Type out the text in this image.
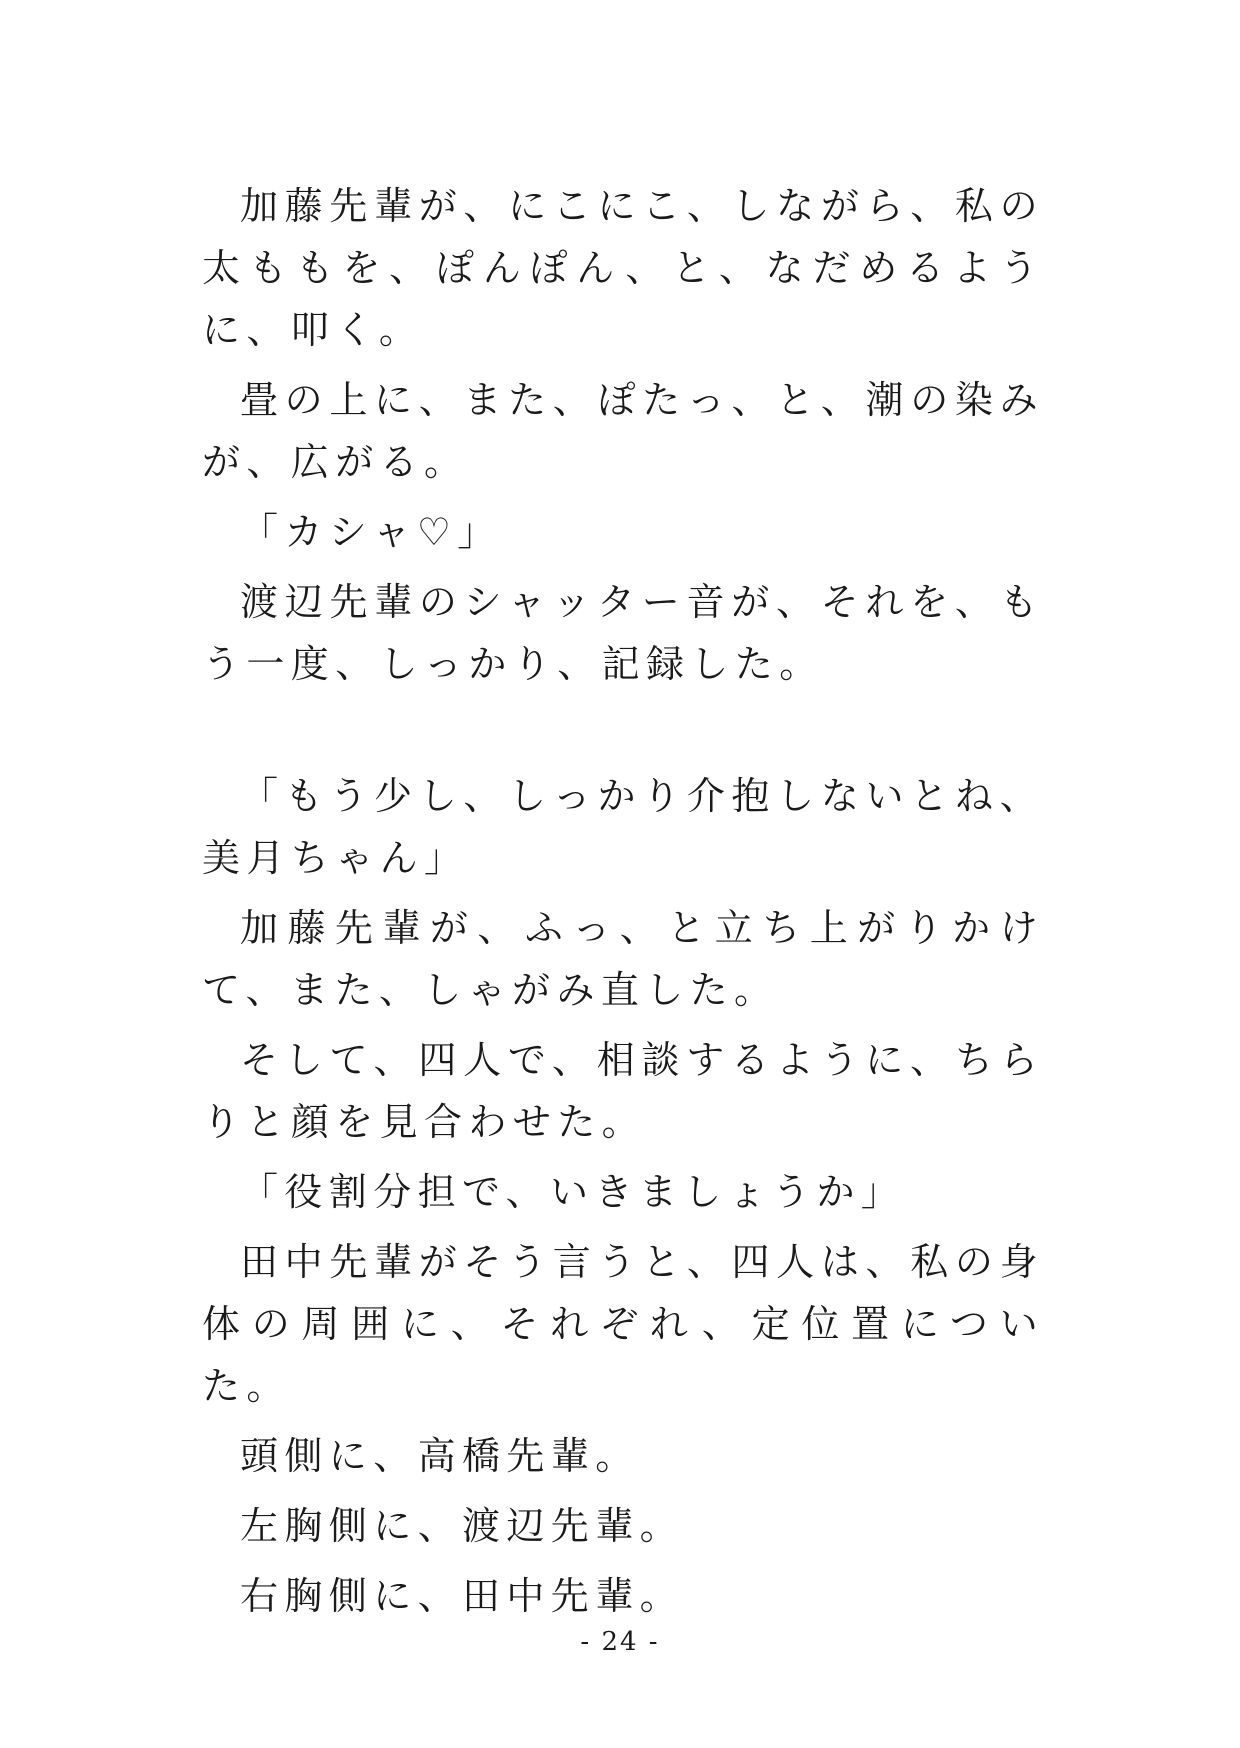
加藤先輩が、にこにこ、しながら、私の太ももを、ぽんぽん、と、なだめるように、叩く。

畳の上に、また、ぽたっ、と、潮の染みが、広がる。

「カシャ♡」

渡辺先輩のシャッター音が、それを、もう一度、しっかり、記録した。

「もう少し、しっかり介抱しないとね、美月ちゃん」

加藤先輩が、ふっ、と立ち上がりかけて、また、しゃがみ直した。

そして、四人で、相談するように、ちらりと顔を見合わせた。

「役割分担で、いきましょうか」

田中先輩がそう言うと、四人は、私の身体の周囲に、それぞれ、定位置についた。

頭側に、高橋先輩。

左胸側に、渡辺先輩。

右胸側に、田中先輩。

- 24 -
